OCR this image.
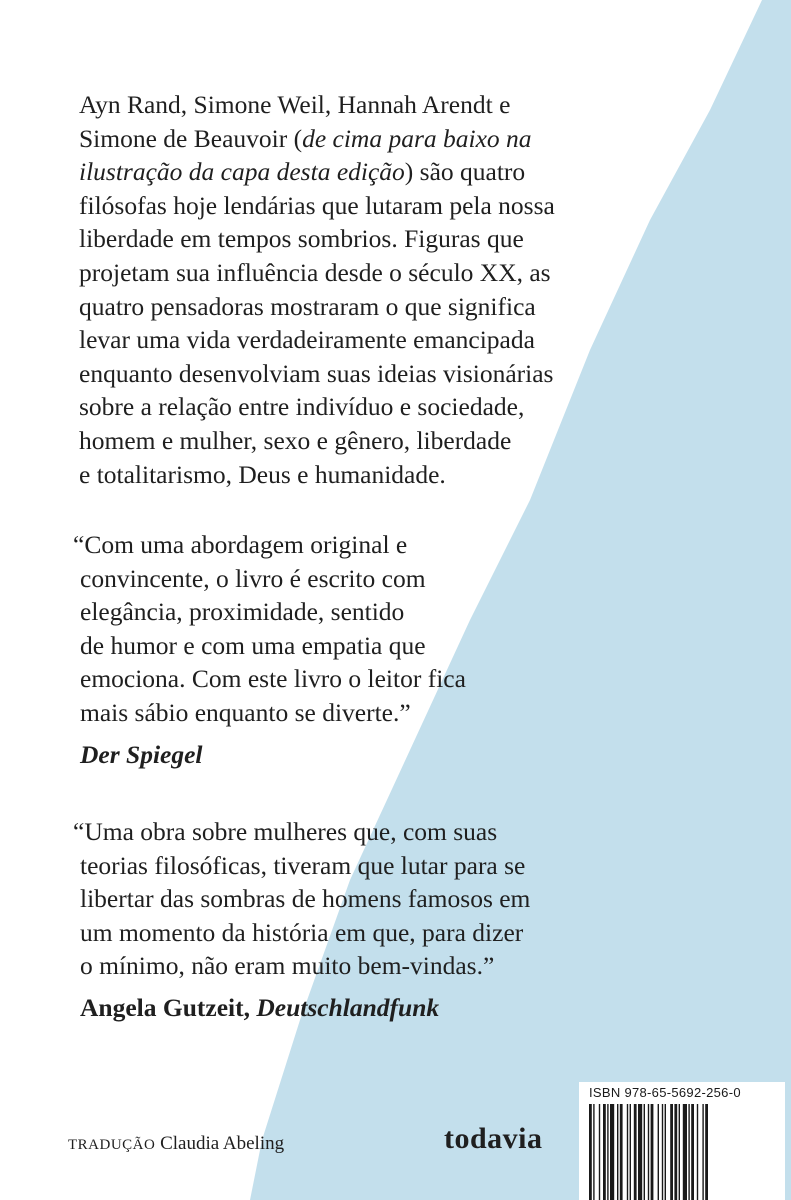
Ayn Rand, Simone Weil, Hannah Arendt e
Simone de Beauvoir (de cima para baixo na
ilustração da capa desta edição) são quatro
filósofas hoje lendárias que lutaram pela nossa
liberdade em tempos sombrios. Figuras que
projetam sua influência desde o século XX, as
quatro pensadoras mostraram o que significa
levar uma vida verdadeiramente emancipada
enquanto desenvolviam suas ideias visionárias
sobre a relação entre indivíduo e sociedade,
homem e mulher, sexo e gênero, liberdade
e totalitarismo, Deus e humanidade.

“Com uma abordagem original e
convincente, o livro é escrito com
elegância, proximidade, sentido
de humor e com uma empatia que
emociona. Com este livro o leitor fica
mais sábio enquanto se diverte.”
Der Spiegel
“Uma obra sobre mulheres que, com suas
teorias filosóficas, tiveram que lutar para se
libertar das sombras de homens famosos em
um momento da história em que, para dizer
o mínimo, não eram muito bem-vindas.”
Angela Gutzeit, Deutschlandfunk
TRADUÇÃO Claudia Abeling	todavia
ISBN 978-65-5692-256-0
